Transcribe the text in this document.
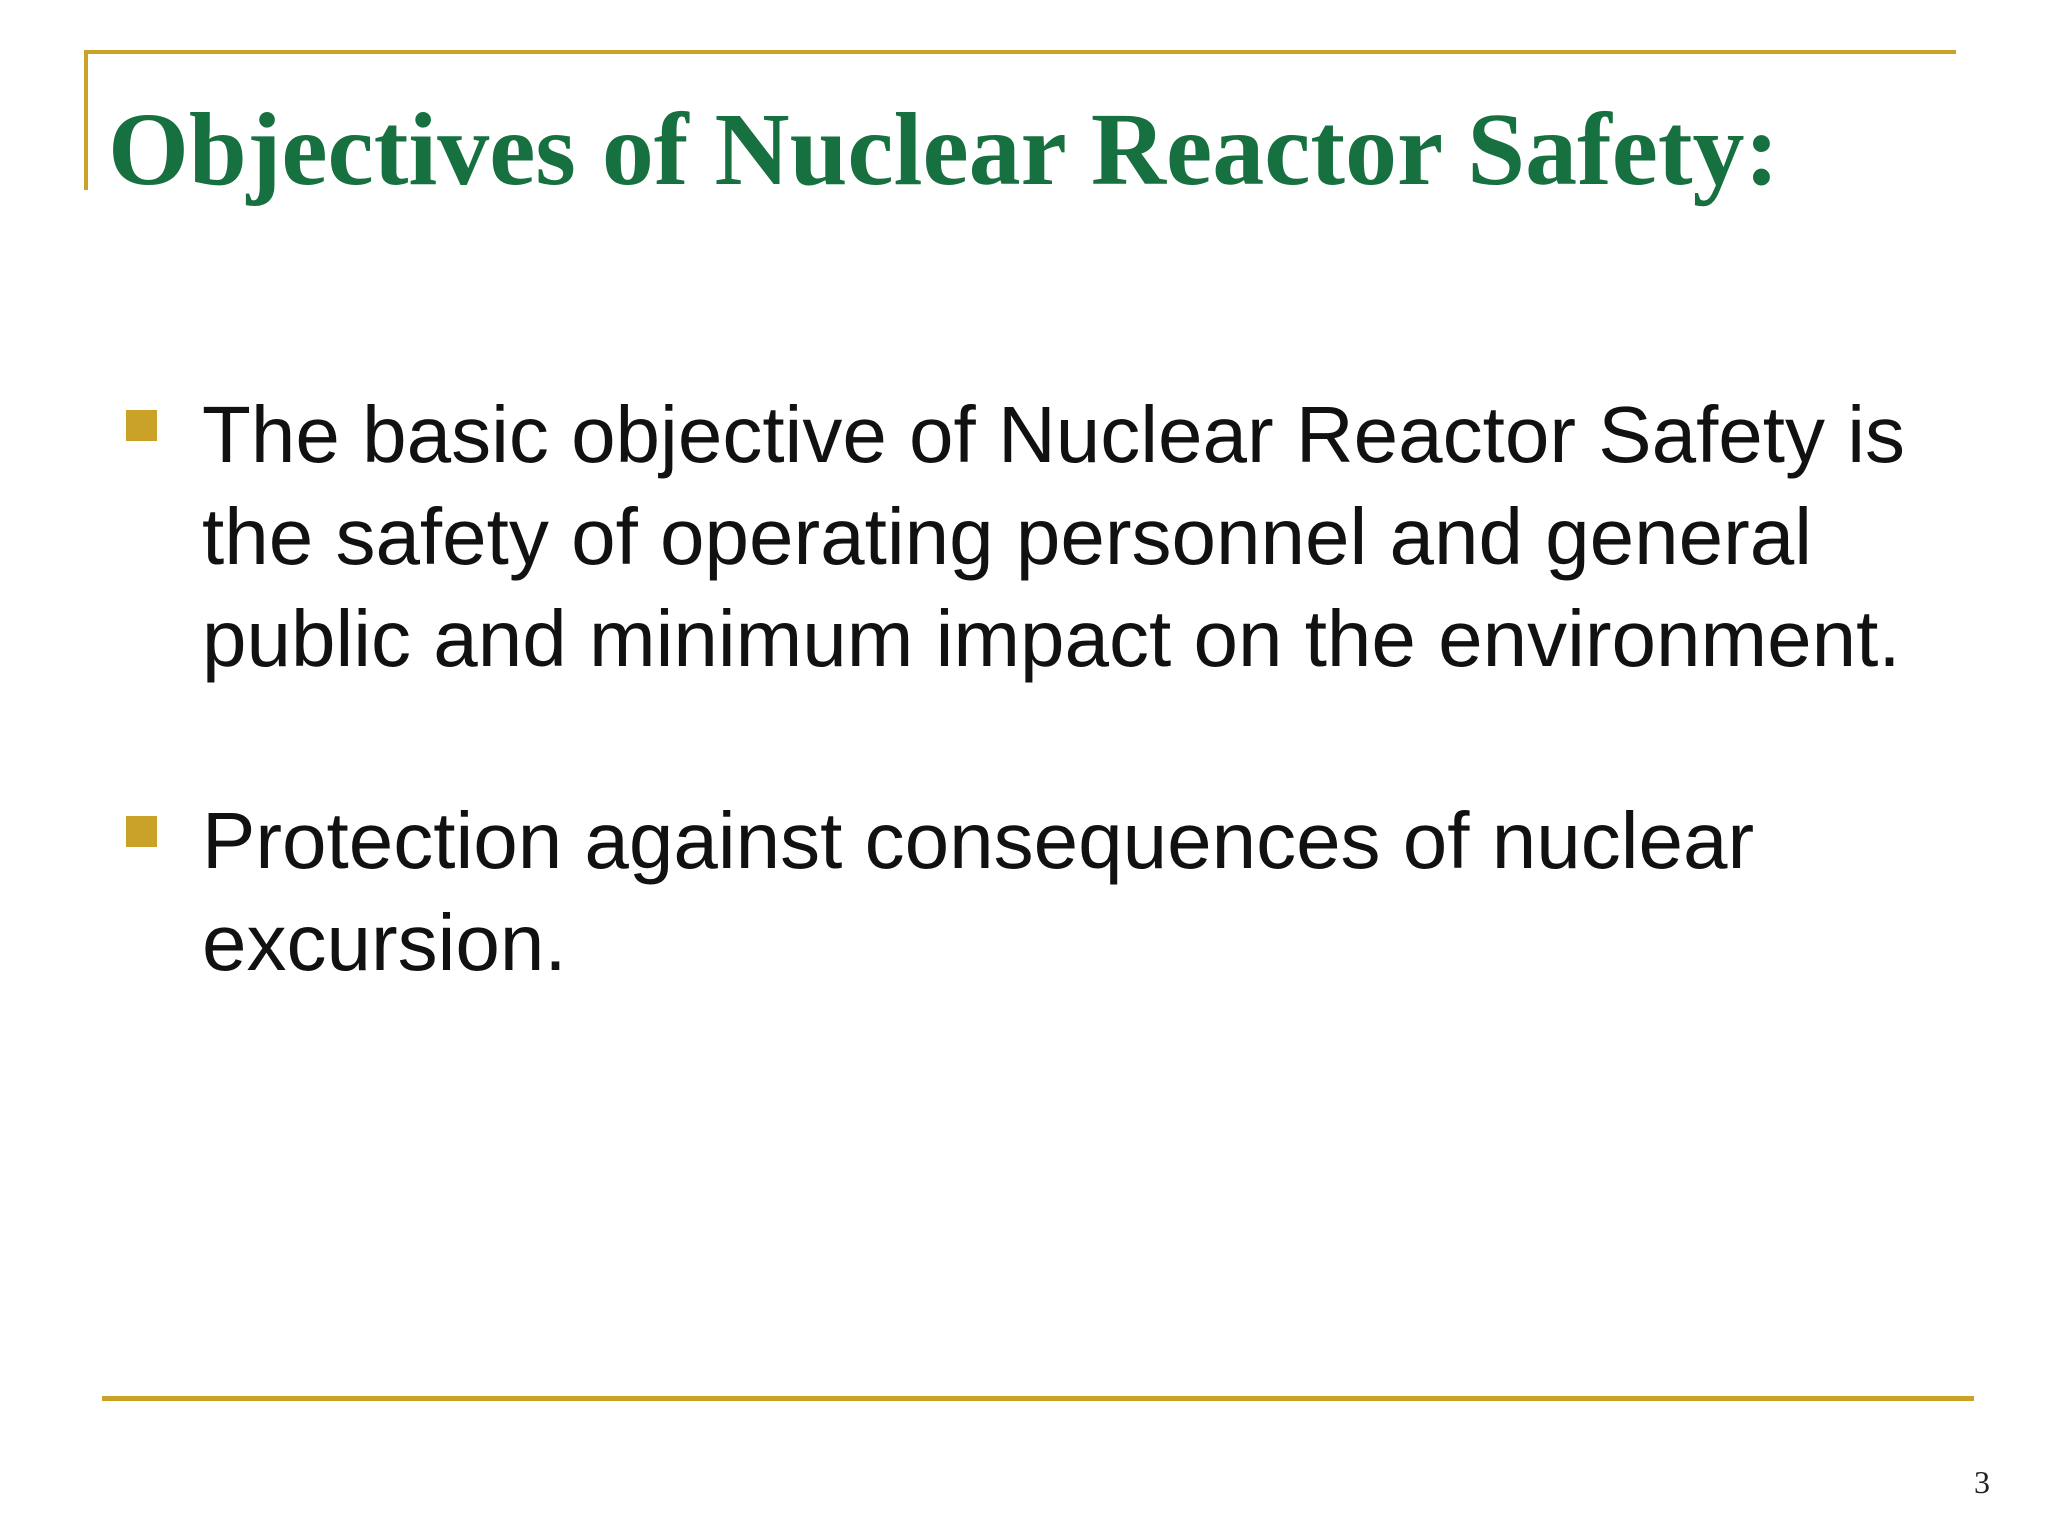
Objectives of Nuclear Reactor Safety:
The basic objective of Nuclear Reactor Safety is the safety of operating personnel and general public and minimum impact on the environment.
Protection against consequences of nuclear excursion.
3
